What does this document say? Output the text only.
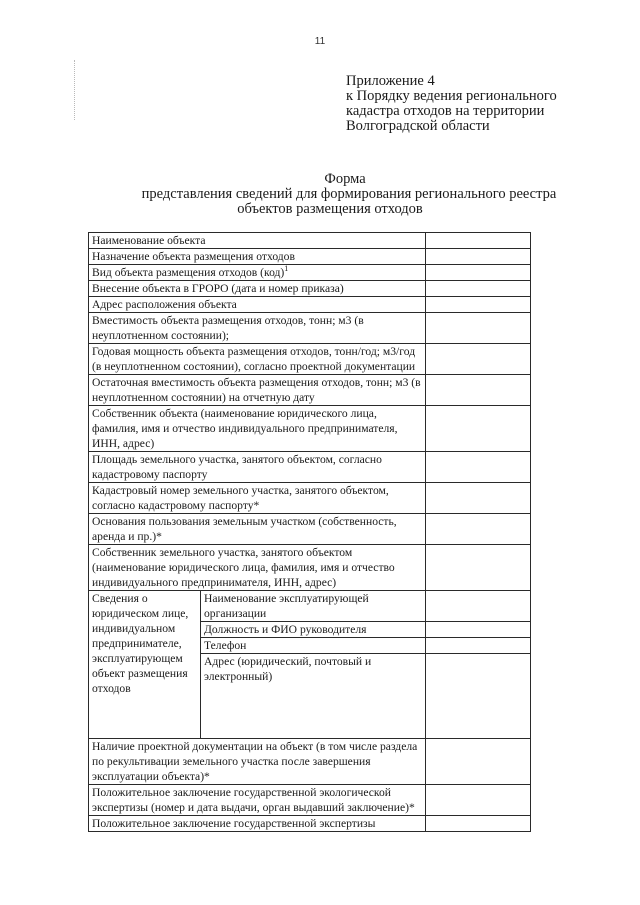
11
Приложение 4
к Порядку ведения регионального
кадастра отходов на территории
Волгоградской области
Форма
представления сведений для формирования регионального реестра
объектов размещения отходов
Наименование объекта		
Назначение объекта размещения отходов		
Вид объекта размещения отходов (код)$^1$	
Внесение объекта в ГРОРО (дата и номер приказа)		
Адрес расположения объекта		
Вместимость объекта размещения отходов, тонн; м3 (в неуплотненном состоянии);		
Годовая мощность объекта размещения отходов, тонн/год; м3/год (в неуплотненном состоянии), согласно проектной документации		
Остаточная вместимость объекта размещения отходов, тонн; м3 (в неуплотненном состоянии) на отчетную дату		
Собственник объекта (наименование юридического лица, фамилия, имя и отчество индивидуального предпринимателя, ИНН, адрес)		
Площадь земельного участка, занятого объектом, согласно кадастровому паспорту		
Кадастровый номер земельного участка, занятого объектом, согласно кадастровому паспорту*		
Основания пользования земельным участком (собственность, аренда и пр.)*		
Собственник земельного участка, занятого объектом (наименование юридического лица, фамилия, имя и отчество индивидуального предпринимателя, ИНН, адрес)		
Сведения о юридическом лице, индивидуальном предпринимателе, эксплуатирующем объект размещения отходов	Наименование эксплуатирующей организации	
	Должность и ФИО руководителя	
	Телефон	
	Адрес (юридический, почтовый и электронный)	
Наличие проектной документации на объект (в том числе раздела по рекультивации земельного участка после завершения эксплуатации объекта)*		
Положительное заключение государственной экологической экспертизы (номер и дата выдачи, орган выдавший заключение)*		
Положительное заключение государственной экспертизы		
